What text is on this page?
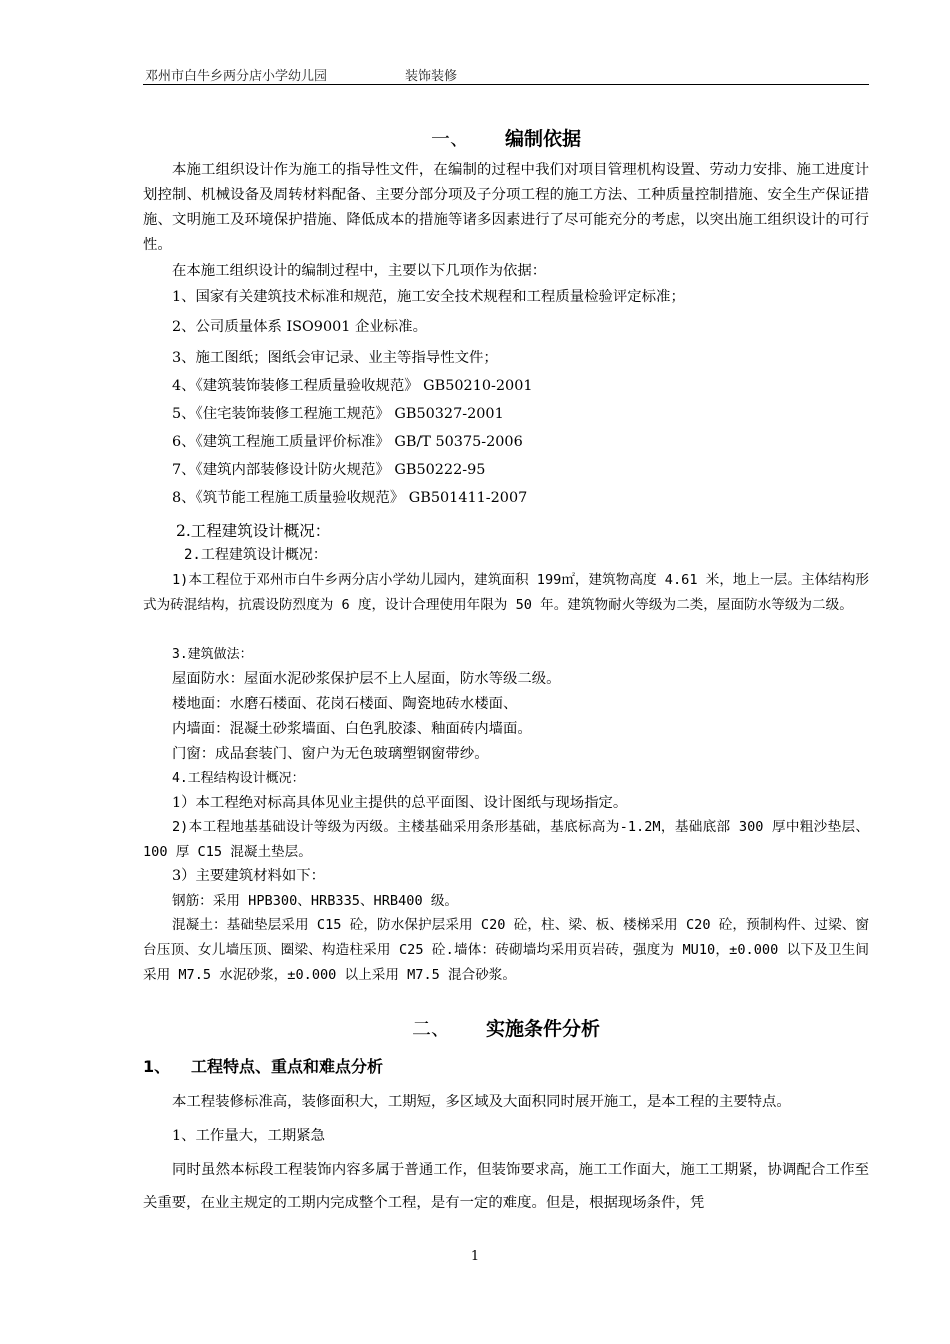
邓州市白牛乡两分店小学幼儿园	装饰装修
一、 编制依据
本施工组织设计作为施工的指导性文件，在编制的过程中我们对项目管理机构设置、劳动力安排、施工进度计划控制、机械设备及周转材料配备、主要分部分项及子分项工程的施工方法、工种质量控制措施、安全生产保证措施、文明施工及环境保护措施、降低成本的措施等诸多因素进行了尽可能充分的考虑，以突出施工组织设计的可行性。
在本施工组织设计的编制过程中，主要以下几项作为依据：
1、国家有关建筑技术标准和规范，施工安全技术规程和工程质量检验评定标准；
2、公司质量体系 ISO9001 企业标准。
3、施工图纸；图纸会审记录、业主等指导性文件；
4、《建筑装饰装修工程质量验收规范》 GB50210-2001
5、《住宅装饰装修工程施工规范》 GB50327-2001
6、《建筑工程施工质量评价标准》 GB/T 50375-2006
7、《建筑内部装修设计防火规范》 GB50222-95
8、《筑节能工程施工质量验收规范》 GB501411-2007
2.工程建筑设计概况：
2.工程建筑设计概况：
1)本工程位于邓州市白牛乡两分店小学幼儿园内，建筑面积 199㎡，建筑物高度 4.61 米，地上一层。主体结构形式为砖混结构，抗震设防烈度为 6 度，设计合理使用年限为 50 年。建筑物耐火等级为二类，屋面防水等级为二级。
3.建筑做法：
屋面防水：屋面水泥砂浆保护层不上人屋面，防水等级二级。
楼地面：水磨石楼面、花岗石楼面、陶瓷地砖水楼面、
内墙面：混凝土砂浆墙面、白色乳胶漆、釉面砖内墙面。
门窗：成品套装门、窗户为无色玻璃塑钢窗带纱。
4.工程结构设计概况：
1）本工程绝对标高具体见业主提供的总平面图、设计图纸与现场指定。
2)本工程地基基础设计等级为丙级。主楼基础采用条形基础，基底标高为-1.2M，基础底部 300 厚中粗沙垫层、100 厚 C15 混凝土垫层。
3）主要建筑材料如下：
钢筋：采用 HPB300、HRB335、HRB400 级。
混凝土：基础垫层采用 C15 砼，防水保护层采用 C20 砼，柱、梁、板、楼梯采用 C20 砼，预制构件、过梁、窗台压顶、女儿墙压顶、圈梁、构造柱采用 C25 砼.墙体：砖砌墙均采用页岩砖，强度为 MU10，±0.000 以下及卫生间采用 M7.5 水泥砂浆，±0.000 以上采用 M7.5 混合砂浆。
二、 实施条件分析
1、 工程特点、重点和难点分析
本工程装修标准高，装修面积大，工期短，多区域及大面积同时展开施工，是本工程的主要特点。
1、工作量大，工期紧急
同时虽然本标段工程装饰内容多属于普通工作，但装饰要求高，施工工作面大，施工工期紧，协调配合工作至关重要，在业主规定的工期内完成整个工程，是有一定的难度。但是，根据现场条件，凭
1
